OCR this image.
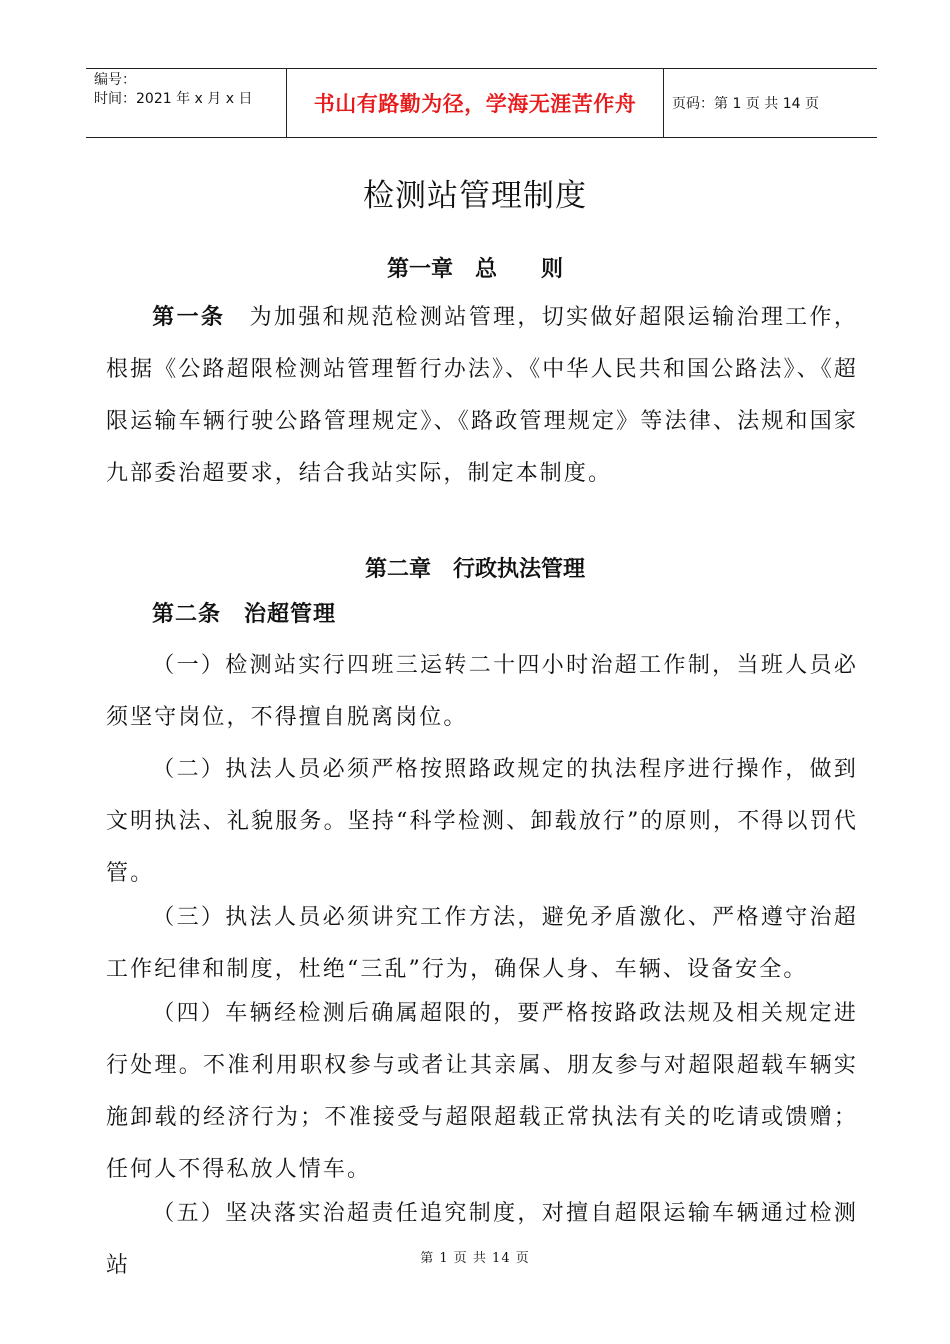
编号：
时间：2021 年 x 月 x 日	书山有路勤为径，学海无涯苦作舟	页码：第 1 页 共 14 页
检测站管理制度
第一章　总　　则
第一条　 为加强和规范检测站管理，切实做好超限运输治理工作，根据《公路超限检测站管理暂行办法》、《中华人民共和国公路法》、《超限运输车辆行驶公路管理规定》、《路政管理规定》等法律、法规和国家九部委治超要求，结合我站实际，制定本制度。
第二章　行政执法管理
第二条　治超管理
（一）检测站实行四班三运转二十四小时治超工作制，当班人员必须坚守岗位，不得擅自脱离岗位。
（二）执法人员必须严格按照路政规定的执法程序进行操作，做到文明执法、礼貌服务。坚持“科学检测、卸载放行”的原则，不得以罚代管。
（三）执法人员必须讲究工作方法，避免矛盾激化、严格遵守治超工作纪律和制度，杜绝“三乱”行为，确保人身、车辆、设备安全。
（四）车辆经检测后确属超限的，要严格按路政法规及相关规定进行处理。不准利用职权参与或者让其亲属、朋友参与对超限超载车辆实施卸载的经济行为；不准接受与超限超载正常执法有关的吃请或馈赠；任何人不得私放人情车。
（五）坚决落实治超责任追究制度，对擅自超限运输车辆通过检测站	第 1 页 共 14 页
